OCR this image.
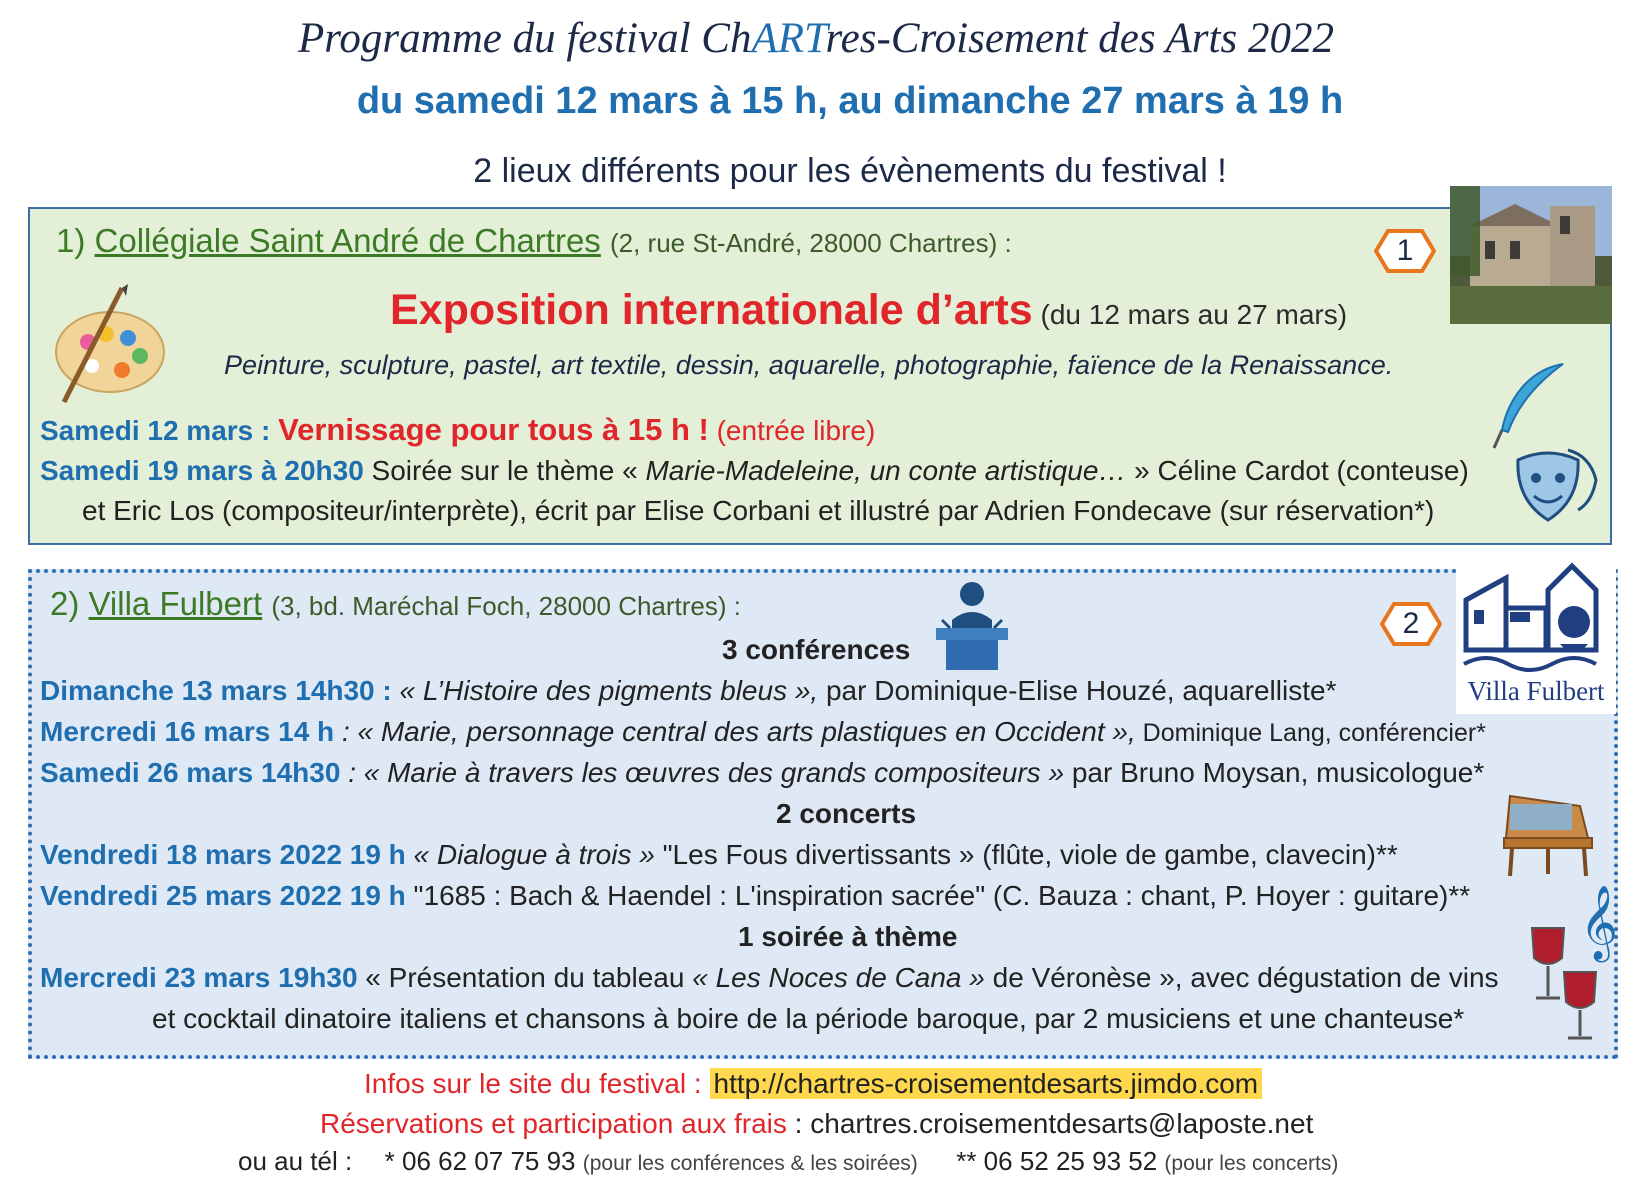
Programme du festival ChARTres-Croisement des Arts 2022
du samedi 12 mars à 15 h, au dimanche 27 mars à 19 h
2 lieux différents pour les évènements du festival !
1) Collégiale Saint André de Chartres (2, rue St-André, 28000 Chartres) :	1
Exposition internationale d’arts (du 12 mars au 27 mars)
Peinture, sculpture, pastel, art textile, dessin, aquarelle, photographie, faïence de la Renaissance.
Samedi 12 mars : Vernissage pour tous à 15 h ! (entrée libre)
Samedi 19 mars à 20h30 Soirée sur le thème « Marie-Madeleine, un conte artistique… » Céline Cardot (conteuse)
et Eric Los (compositeur/interprète), écrit par Elise Corbani et illustré par Adrien Fondecave (sur réservation*)
2) Villa Fulbert (3, bd. Maréchal Foch, 28000 Chartres) :
2
Villa Fulbert
3 conférences
Dimanche 13 mars 14h30 : « L’Histoire des pigments bleus », par Dominique-Elise Houzé, aquarelliste*
Mercredi 16 mars 14 h : « Marie, personnage central des arts plastiques en Occident », Dominique Lang, conférencier*
Samedi 26 mars 14h30 : « Marie à travers les œuvres des grands compositeurs » par Bruno Moysan, musicologue*
2 concerts
Vendredi 18 mars 2022 19 h « Dialogue à trois » "Les Fous divertissants » (flûte, viole de gambe, clavecin)**
Vendredi 25 mars 2022 19 h "1685 : Bach & Haendel : L'inspiration sacrée" (C. Bauza : chant, P. Hoyer : guitare)**
1 soirée à thème	𝄞
Mercredi 23 mars 19h30 « Présentation du tableau « Les Noces de Cana » de Véronèse », avec dégustation de vins
et cocktail dinatoire italiens et chansons à boire de la période baroque, par 2 musiciens et une chanteuse*
Infos sur le site du festival : http://chartres-croisementdesarts.jimdo.com
Réservations et participation aux frais : chartres.croisementdesarts@laposte.net
ou au tél : * 06 62 07 75 93 (pour les conférences & les soirées) ** 06 52 25 93 52 (pour les concerts)
